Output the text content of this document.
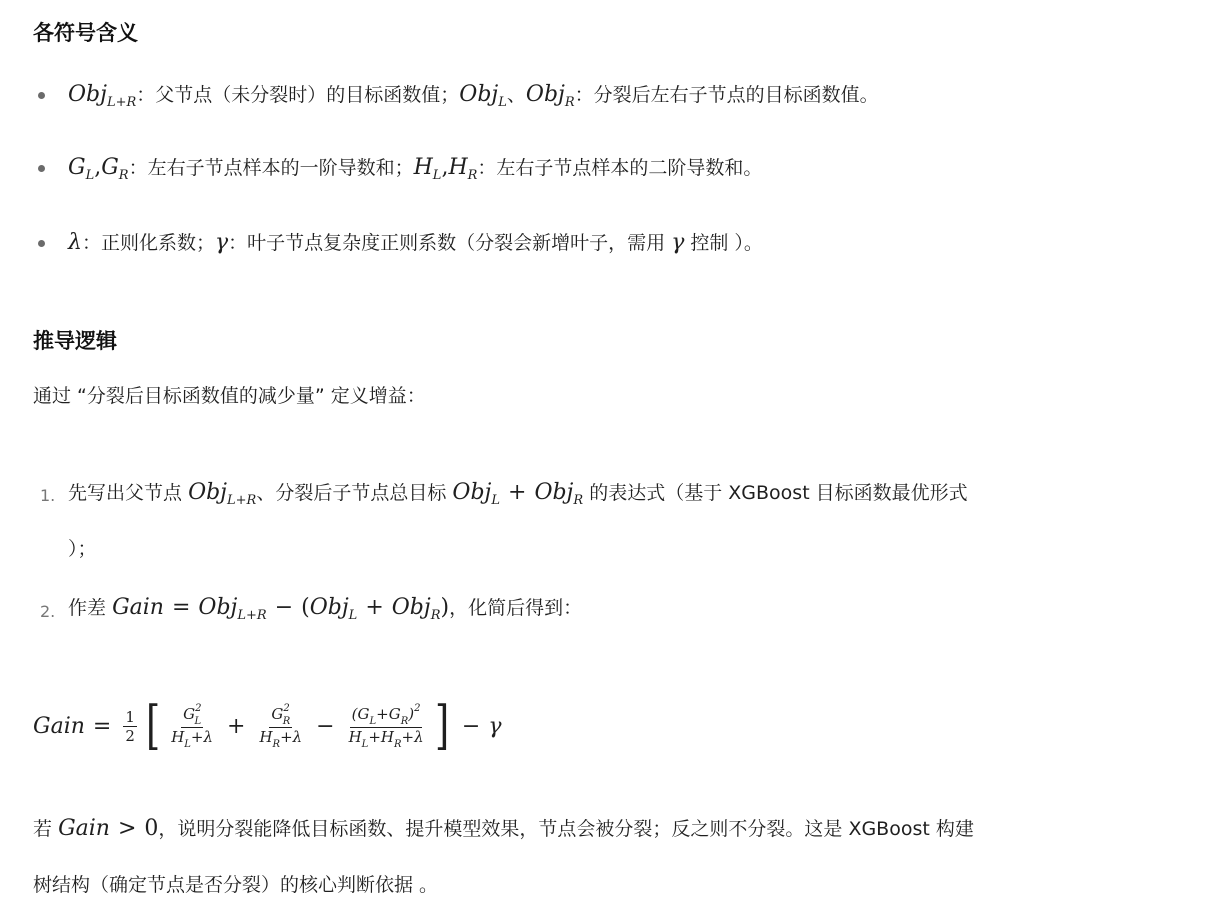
各符号含义
Obj$_{L+R}$：父节点（未分裂时）的目标函数值；Obj$_L$、Obj$_R$：分裂后左右子节点的目标函数值。
$G_L,G_R$：左右子节点样本的一阶导数和；$H_L,H_R$：左右子节点样本的二阶导数和。
λ：正则化系数；γ：叶子节点复杂度正则系数（分裂会新增叶子，需用 γ 控制 ）。
推导逻辑
通过 “分裂后目标函数值的减少量” 定义增益：
1. 先写出父节点 Obj$_{L+R}$、分裂后子节点总目标 Obj$_L$ + Obj$_R$ 的表达式（基于 XGBoost 目标函数最优形式
）；
2. 作差 Gain = Obj$_{L+R}$ − (Obj$_L$ + Obj$_R$)，化简后得到：
Gain = $\frac{1}{2}$ [ $\frac{G^2_L}{H_L+\lambda} + \frac{G^2_R}{H_R+\lambda} - \frac{(G_L+G_R)^2}{H_L+H_R+\lambda}$ ] − γ
若 Gain > 0，说明分裂能降低目标函数、提升模型效果，节点会被分裂；反之则不分裂。这是 XGBoost 构建
树结构（确定节点是否分裂）的核心判断依据 。
